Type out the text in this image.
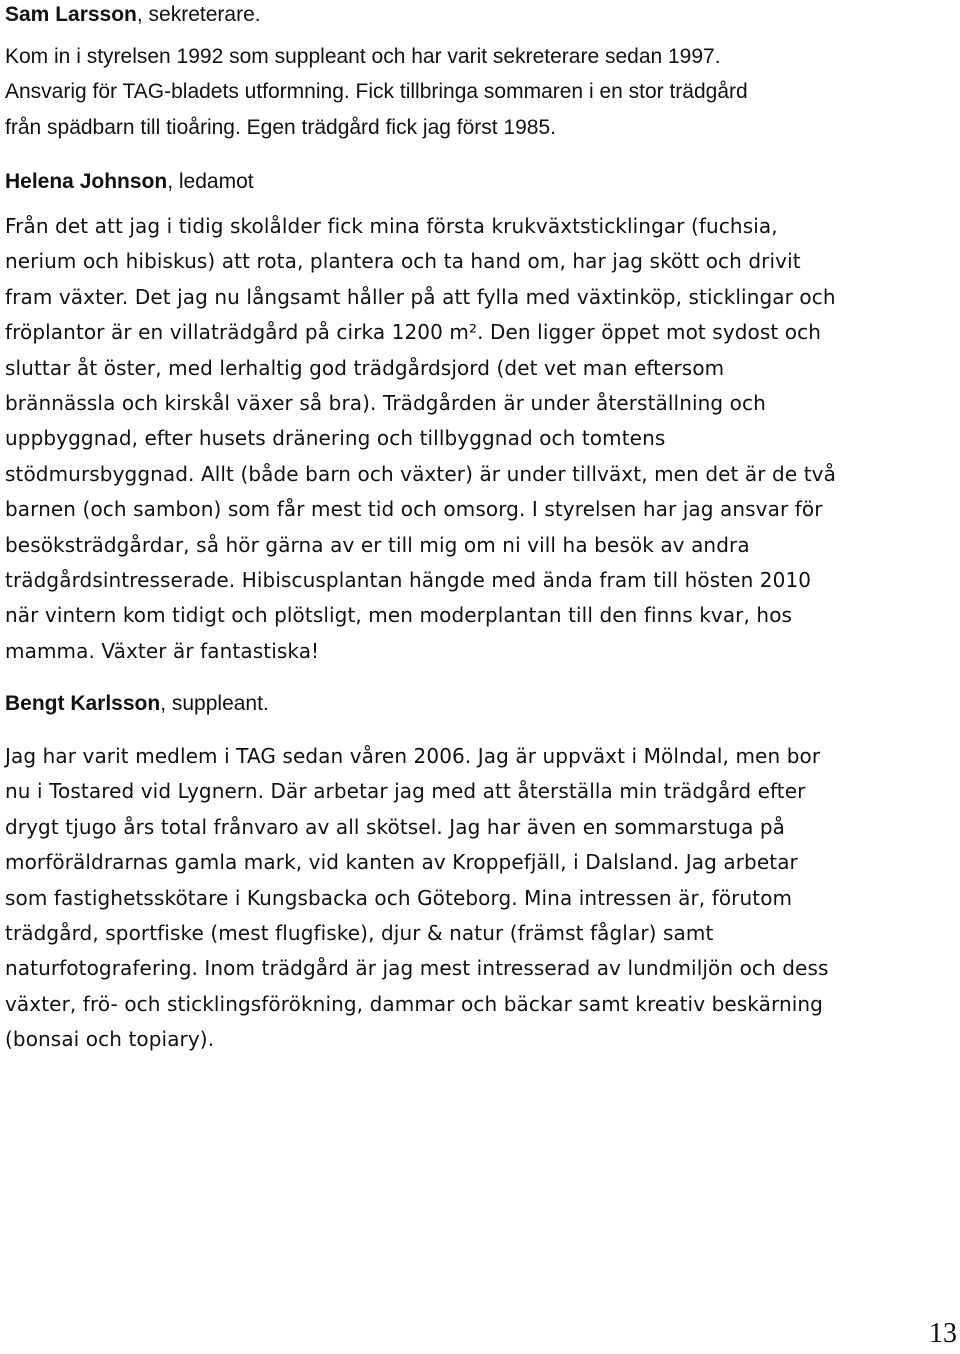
Sam Larsson, sekreterare.

Kom in i styrelsen 1992 som suppleant och har varit sekreterare sedan 1997.
Ansvarig för TAG-bladets utformning. Fick tillbringa sommaren i en stor trädgård
från spädbarn till tioåring. Egen trädgård fick jag först 1985.

Helena Johnson, ledamot

Från det att jag i tidig skolålder fick mina första krukväxtsticklingar (fuchsia,
nerium och hibiskus) att rota, plantera och ta hand om, har jag skött och drivit
fram växter. Det jag nu långsamt håller på att fylla med växtinköp, sticklingar och
fröplantor är en villaträdgård på cirka 1200 m². Den ligger öppet mot sydost och
sluttar åt öster, med lerhaltig god trädgårdsjord (det vet man eftersom
brännässla och kirskål växer så bra). Trädgården är under återställning och
uppbyggnad, efter husets dränering och tillbyggnad och tomtens
stödmursbyggnad. Allt (både barn och växter) är under tillväxt, men det är de två
barnen (och sambon) som får mest tid och omsorg. I styrelsen har jag ansvar för
besöksträdgårdar, så hör gärna av er till mig om ni vill ha besök av andra
trädgårdsintresserade. Hibiscusplantan hängde med ända fram till hösten 2010
när vintern kom tidigt och plötsligt, men moderplantan till den finns kvar, hos
mamma. Växter är fantastiska!

Bengt Karlsson, suppleant.

Jag har varit medlem i TAG sedan våren 2006. Jag är uppväxt i Mölndal, men bor
nu i Tostared vid Lygnern. Där arbetar jag med att återställa min trädgård efter
drygt tjugo års total frånvaro av all skötsel. Jag har även en sommarstuga på
morföräldrarnas gamla mark, vid kanten av Kroppefjäll, i Dalsland. Jag arbetar
som fastighetsskötare i Kungsbacka och Göteborg. Mina intressen är, förutom
trädgård, sportfiske (mest flugfiske), djur & natur (främst fåglar) samt
naturfotografering. Inom trädgård är jag mest intresserad av lundmiljön och dess
växter, frö- och sticklingsförökning, dammar och bäckar samt kreativ beskärning
(bonsai och topiary).

13
